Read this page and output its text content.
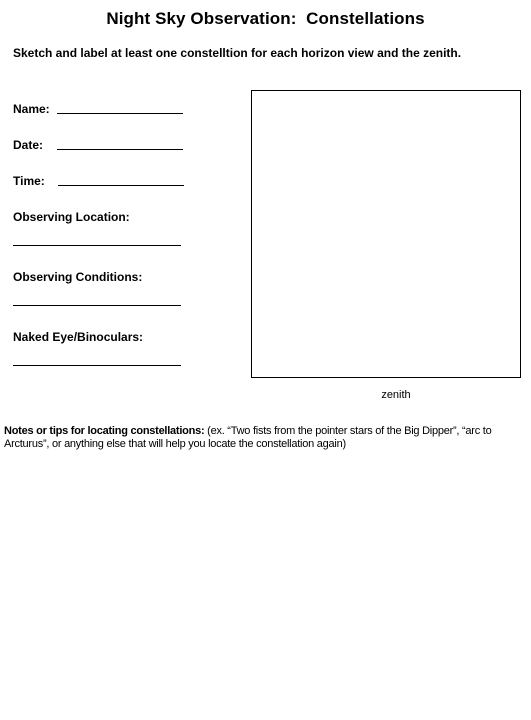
Night Sky Observation:  Constellations
Sketch and label at least one constelltion for each horizon view and the zenith.
Name:
Date:
Time:
Observing Location:
Observing Conditions:
Naked Eye/Binoculars:
zenith
Notes or tips for locating constellations: (ex. “Two fists from the pointer stars of the Big Dipper”, “arc to Arcturus”, or anything else that will help you locate the constellation again)
